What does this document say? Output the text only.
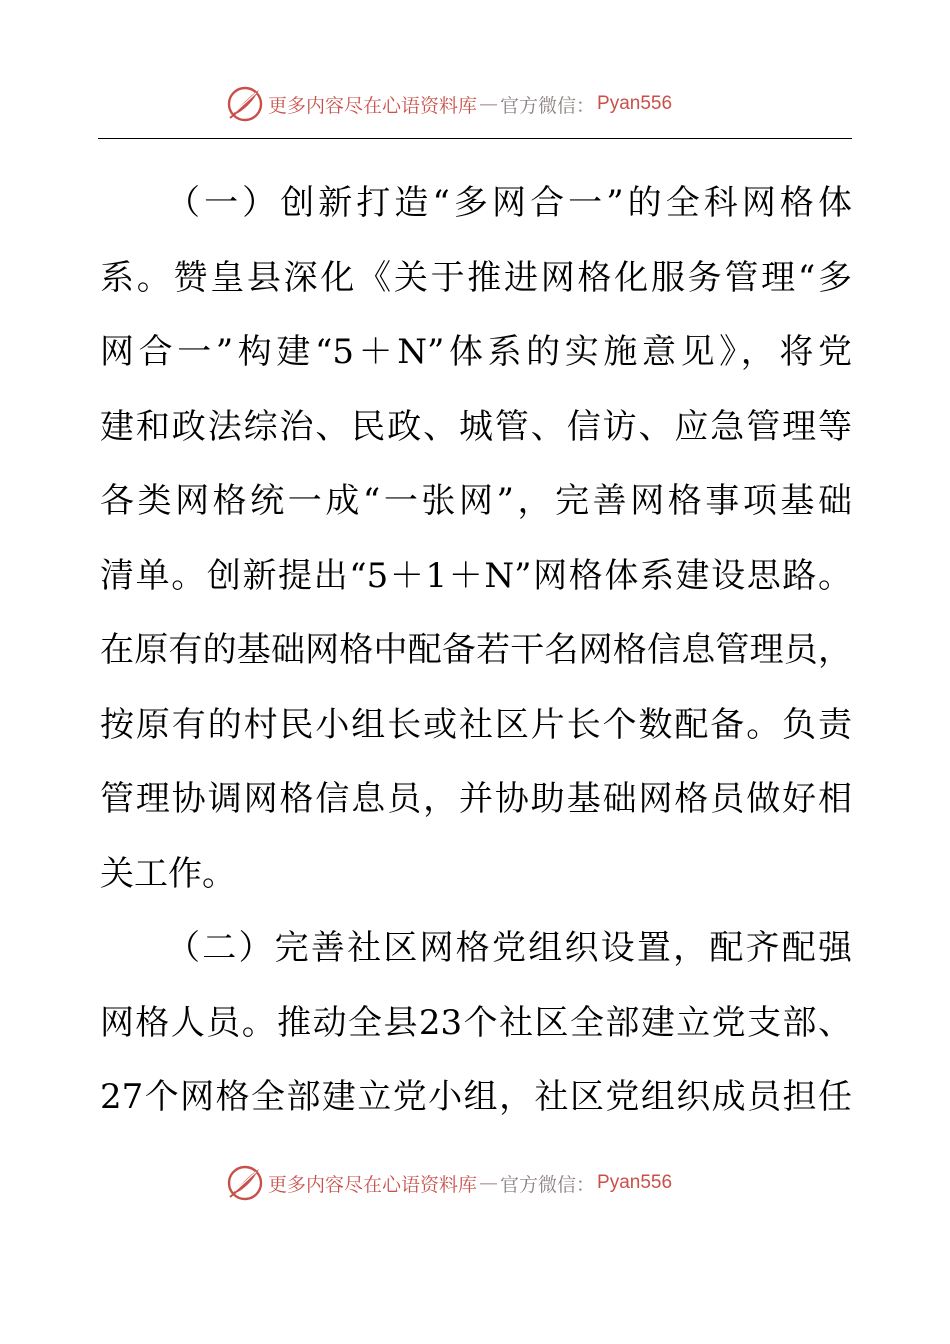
更多内容尽在心语资料库 — 官方微信： Pyan556
（一）创新打造“多网合一”的全科网格体
系。赞皇县深化《关于推进网格化服务管理“多
网合一”构建“5＋N”体系的实施意见》，将党
建和政法综治、民政、城管、信访、应急管理等
各类网格统一成“一张网”，完善网格事项基础
清单。创新提出“5＋1＋N”网格体系建设思路。
在原有的基础网格中配备若干名网格信息管理员，
按原有的村民小组长或社区片长个数配备。负责
管理协调网格信息员，并协助基础网格员做好相
关工作。
（二）完善社区网格党组织设置，配齐配强
网格人员。推动全县23个社区全部建立党支部、
27个网格全部建立党小组，社区党组织成员担任
更多内容尽在心语资料库 — 官方微信： Pyan556
